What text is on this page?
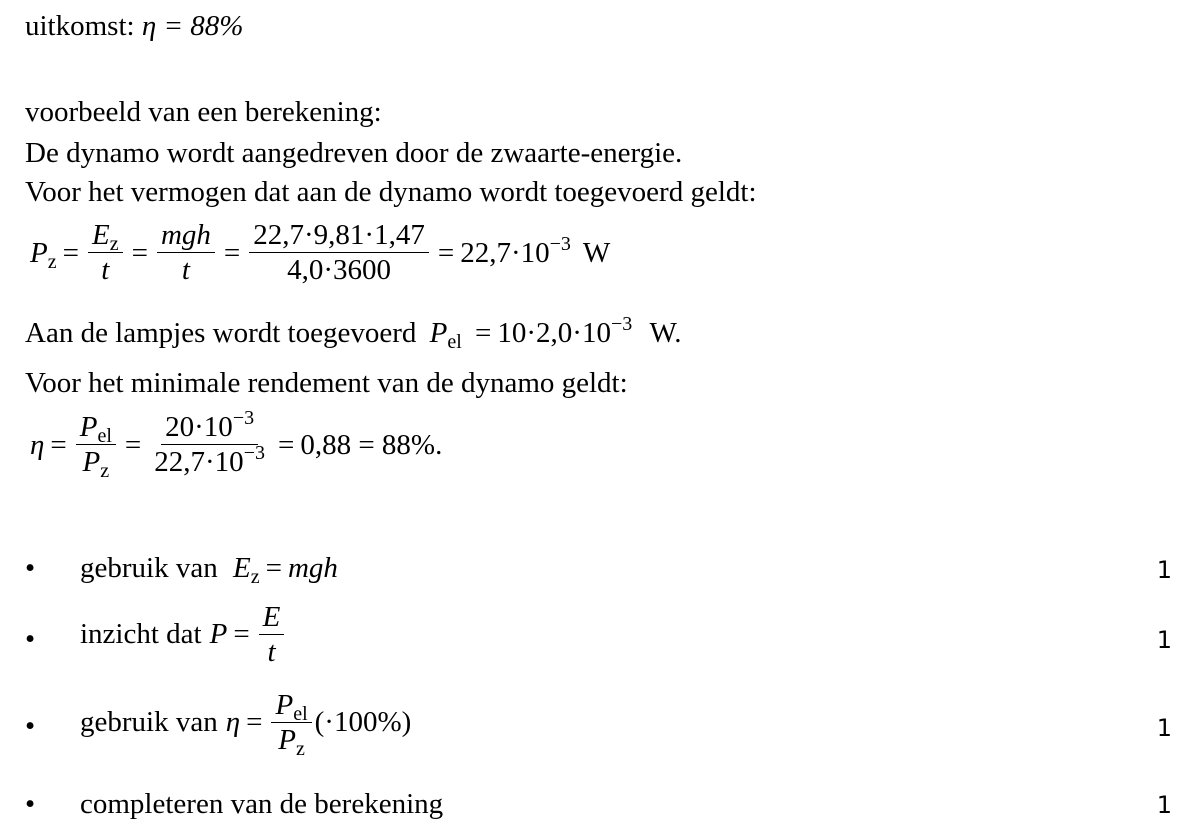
uitkomst: η = 88%
voorbeeld van een berekening:
De dynamo wordt aangedreven door de zwaarte-energie.
Voor het vermogen dat aan de dynamo wordt toegevoerd geldt:
$P_z = \frac{E_z}{t} = \frac{\text{mgh}}{t} = \frac{22,7\cdot 9,81\cdot 1,47}{4,0\cdot 3600} = 22,7\cdot 10^{-3}$ W
Aan de lampjes wordt toegevoerd $P_{el} = 10\cdot 2,0\cdot 10^{-3}$ W.
Voor het minimale rendement van de dynamo geldt:
$\eta = \frac{P_{el}}{P_z} = \frac{20\cdot 10^{-3}}{22,7\cdot 10^{-3}} = 0,88 = 88\%$.
• gebruik van $E_z$ = mgh	1
• inzicht dat $P = \frac{E}{t}$	1
• gebruik van $\eta = \frac{P_{el}}{P_z} (\cdot 100\%)$	1
• completeren van de berekening	1
